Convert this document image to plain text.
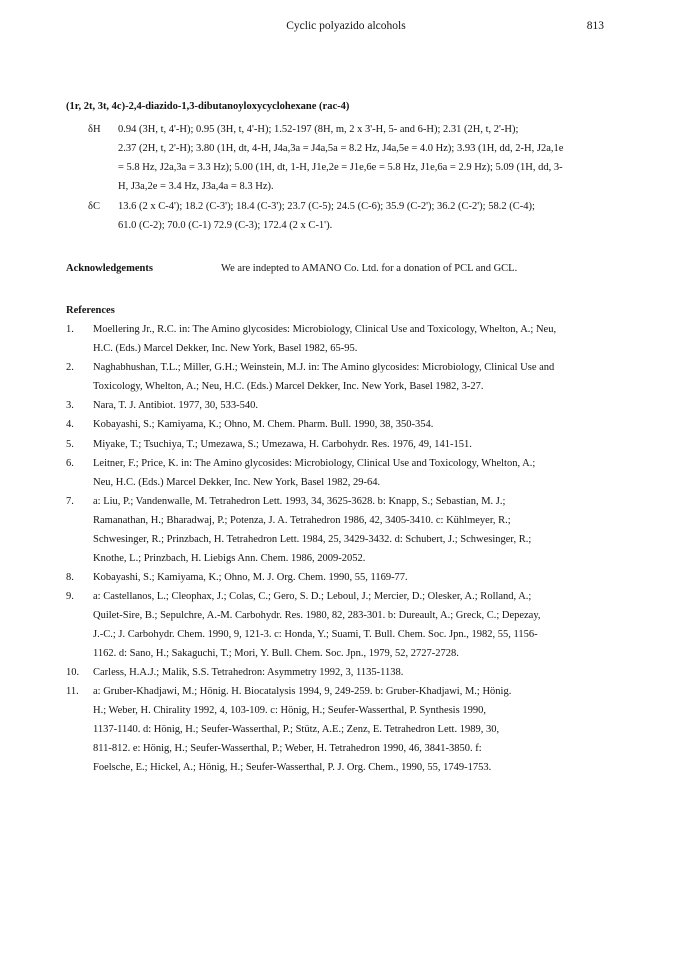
Cyclic polyazido alcohols	813
(1r, 2t, 3t, 4c)-2,4-diazido-1,3-dibutanoyloxycyclohexane (rac-4)
δH	0.94 (3H, t, 4'-H); 0.95 (3H, t, 4'-H); 1.52-197 (8H, m, 2 x 3'-H, 5- and 6-H); 2.31 (2H, t, 2'-H);
2.37 (2H, t, 2'-H); 3.80 (1H, dt, 4-H, J4a,3a = J4a,5a = 8.2 Hz, J4a,5e = 4.0 Hz); 3.93 (1H, dd, 2-H, J2a,1e
= 5.8 Hz, J2a,3a = 3.3 Hz); 5.00 (1H, dt, 1-H, J1e,2e = J1e,6e = 5.8 Hz, J1e,6a = 2.9 Hz); 5.09 (1H, dd, 3-
H, J3a,2e = 3.4 Hz, J3a,4a = 8.3 Hz).
δC	13.6 (2 x C-4'); 18.2 (C-3'); 18.4 (C-3'); 23.7 (C-5); 24.5 (C-6); 35.9 (C-2'); 36.2 (C-2'); 58.2 (C-4);
61.0 (C-2); 70.0 (C-1) 72.9 (C-3); 172.4 (2 x C-1').
Acknowledgements	We are indepted to AMANO Co. Ltd. for a donation of PCL and GCL.
References
1. Moellering Jr., R.C. in: The Amino glycosides: Microbiology, Clinical Use and Toxicology, Whelton, A.; Neu,
H.C. (Eds.) Marcel Dekker, Inc. New York, Basel 1982, 65-95.
2. Naghabhushan, T.L.; Miller, G.H.; Weinstein, M.J. in: The Amino glycosides: Microbiology, Clinical Use and
Toxicology, Whelton, A.; Neu, H.C. (Eds.) Marcel Dekker, Inc. New York, Basel 1982, 3-27.
3. Nara, T. J. Antibiot. 1977, 30, 533-540.
4. Kobayashi, S.; Kamiyama, K.; Ohno, M. Chem. Pharm. Bull. 1990, 38, 350-354.
5. Miyake, T.; Tsuchiya, T.; Umezawa, S.; Umezawa, H. Carbohydr. Res. 1976, 49, 141-151.
6. Leitner, F.; Price, K. in: The Amino glycosides: Microbiology, Clinical Use and Toxicology, Whelton, A.;
Neu, H.C. (Eds.) Marcel Dekker, Inc. New York, Basel 1982, 29-64.
7. a: Liu, P.; Vandenwalle, M. Tetrahedron Lett. 1993, 34, 3625-3628. b: Knapp, S.; Sebastian, M. J.;
Ramanathan, H.; Bharadwaj, P.; Potenza, J. A. Tetrahedron 1986, 42, 3405-3410. c: Kühlmeyer, R.;
Schwesinger, R.; Prinzbach, H. Tetrahedron Lett. 1984, 25, 3429-3432. d: Schubert, J.; Schwesinger, R.;
Knothe, L.; Prinzbach, H. Liebigs Ann. Chem. 1986, 2009-2052.
8. Kobayashi, S.; Kamiyama, K.; Ohno, M. J. Org. Chem. 1990, 55, 1169-77.
9. a: Castellanos, L.; Cleophax, J.; Colas, C.; Gero, S. D.; Leboul, J.; Mercier, D.; Olesker, A.; Rolland, A.;
Quilet-Sire, B.; Sepulchre, A.-M. Carbohydr. Res. 1980, 82, 283-301. b: Dureault, A.; Greck, C.; Depezay,
J.-C.; J. Carbohydr. Chem. 1990, 9, 121-3. c: Honda, Y.; Suami, T. Bull. Chem. Soc. Jpn., 1982, 55, 1156-
1162. d: Sano, H.; Sakaguchi, T.; Mori, Y. Bull. Chem. Soc. Jpn., 1979, 52, 2727-2728.
10. Carless, H.A.J.; Malik, S.S. Tetrahedron: Asymmetry 1992, 3, 1135-1138.
11. a: Gruber-Khadjawi, M.; Hönig. H. Biocatalysis 1994, 9, 249-259. b: Gruber-Khadjawi, M.; Hönig.
H.; Weber, H. Chirality 1992, 4, 103-109. c: Hönig, H.; Seufer-Wasserthal, P. Synthesis 1990,
1137-1140. d: Hönig, H.; Seufer-Wasserthal, P.; Stütz, A.E.; Zenz, E. Tetrahedron Lett. 1989, 30,
811-812. e: Hönig, H.; Seufer-Wasserthal, P.; Weber, H. Tetrahedron 1990, 46, 3841-3850. f:
Foelsche, E.; Hickel, A.; Hönig, H.; Seufer-Wasserthal, P. J. Org. Chem., 1990, 55, 1749-1753.
